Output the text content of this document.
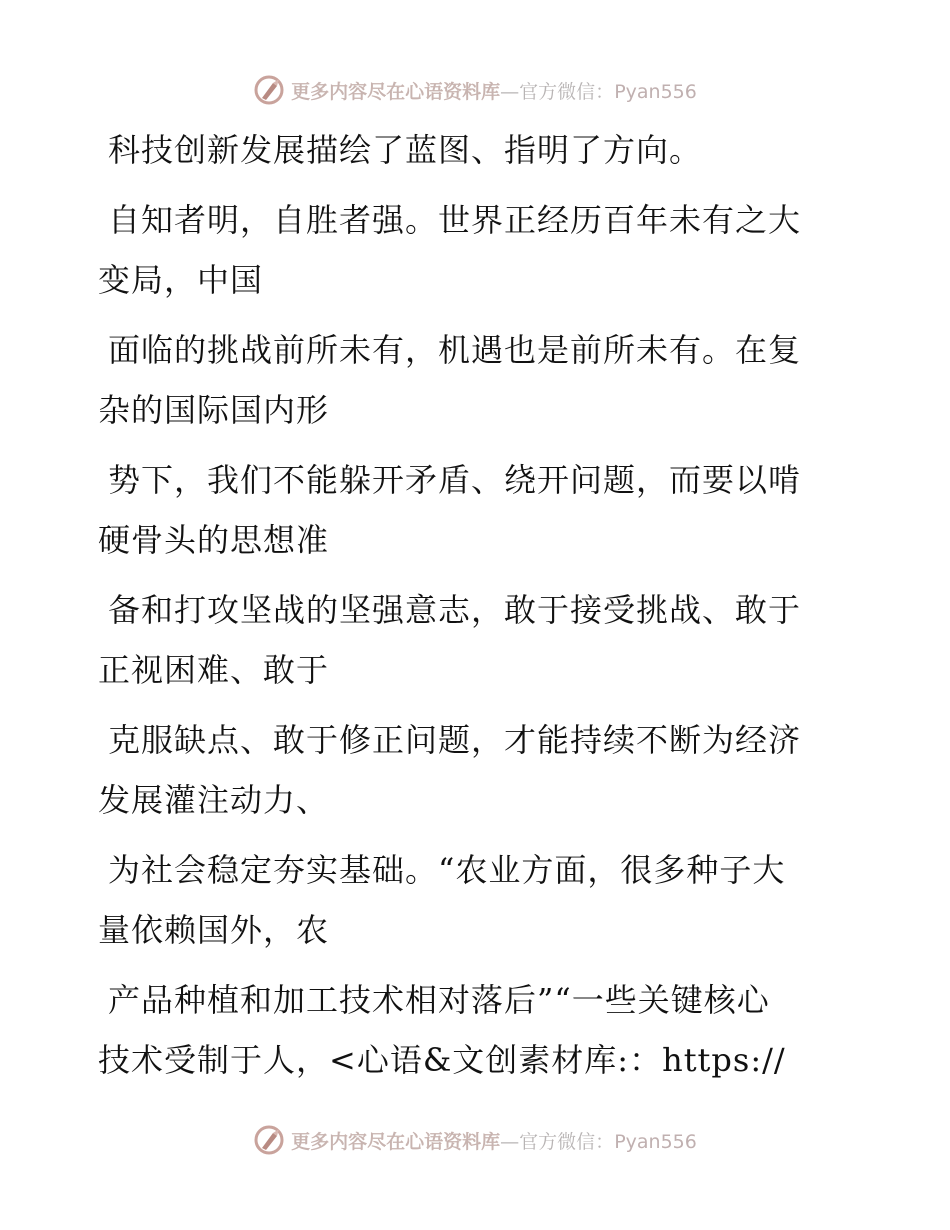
更多内容尽在心语资料库—官方微信：Pyan556
科技创新发展描绘了蓝图、指明了方向。
自知者明，自胜者强。世界正经历百年未有之大
变局，中国
面临的挑战前所未有，机遇也是前所未有。在复
杂的国际国内形
势下，我们不能躲开矛盾、绕开问题，而要以啃
硬骨头的思想准
备和打攻坚战的坚强意志，敢于接受挑战、敢于
正视困难、敢于
克服缺点、敢于修正问题，才能持续不断为经济
发展灌注动力、
为社会稳定夯实基础。“农业方面，很多种子大
量依赖国外，农
产品种植和加工技术相对落后”“一些关键核心
技术受制于人，<心语&文创素材库:：https://
更多内容尽在心语资料库—官方微信：Pyan556
